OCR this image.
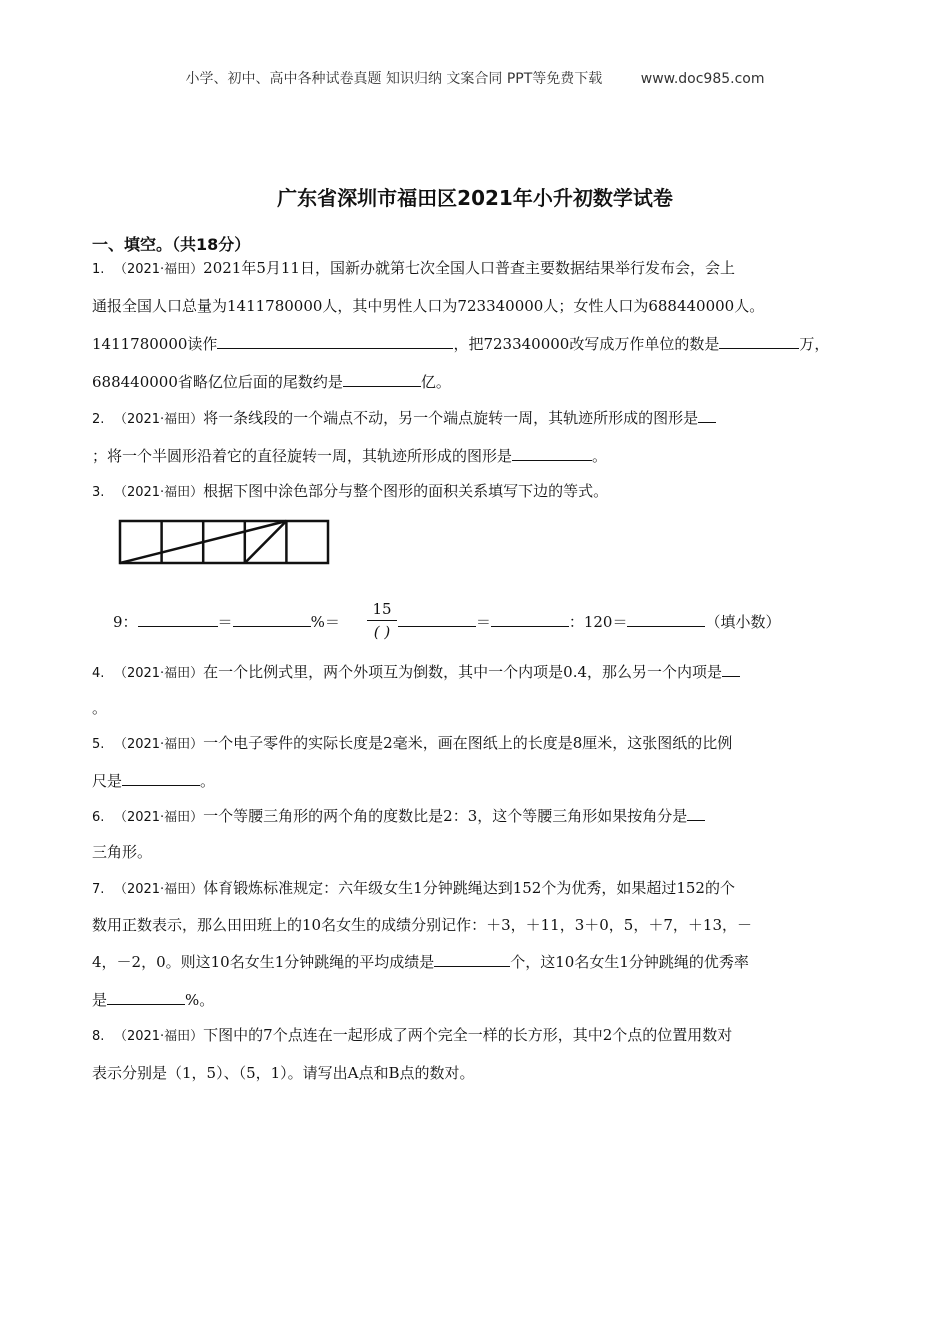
小学、初中、高中各种试卷真题 知识归纳 文案合同 PPT等免费下载	www.doc985.com
广东省深圳市福田区2021年小升初数学试卷
一、填空。（共18分）
1. （2021·福田）2021年5月11日，国新办就第七次全国人口普查主要数据结果举行发布会，会上
通报全国人口总量为1411780000人，其中男性人口为723340000人；女性人口为688440000人。
1411780000读作	，把723340000改写成万作单位的数是	万，
688440000省略亿位后面的尾数约是	亿。
2. （2021·福田）将一条线段的一个端点不动，另一个端点旋转一周，其轨迹所形成的图形是
；将一个半圆形沿着它的直径旋转一周，其轨迹所形成的图形是	。
3. （2021·福田）根据下图中涂色部分与整个图形的面积关系填写下边的等式。
9：	＝	%＝	＝	：120＝	（填小数）
15
( )
4. （2021·福田）在一个比例式里，两个外项互为倒数，其中一个内项是0.4，那么另一个内项是
。
5. （2021·福田）一个电子零件的实际长度是2毫米，画在图纸上的长度是8厘米，这张图纸的比例
尺是	。
6. （2021·福田）一个等腰三角形的两个角的度数比是2：3，这个等腰三角形如果按角分是
三角形。
7. （2021·福田）体育锻炼标准规定：六年级女生1分钟跳绳达到152个为优秀，如果超过152的个
数用正数表示，那么田田班上的10名女生的成绩分别记作：＋3，＋11，3＋0，5，＋7，＋13，－
4，－2，0。则这10名女生1分钟跳绳的平均成绩是	个，这10名女生1分钟跳绳的优秀率
是	%。
8. （2021·福田）下图中的7个点连在一起形成了两个完全一样的长方形，其中2个点的位置用数对
表示分别是（1，5）、（5，1）。请写出A点和B点的数对。
